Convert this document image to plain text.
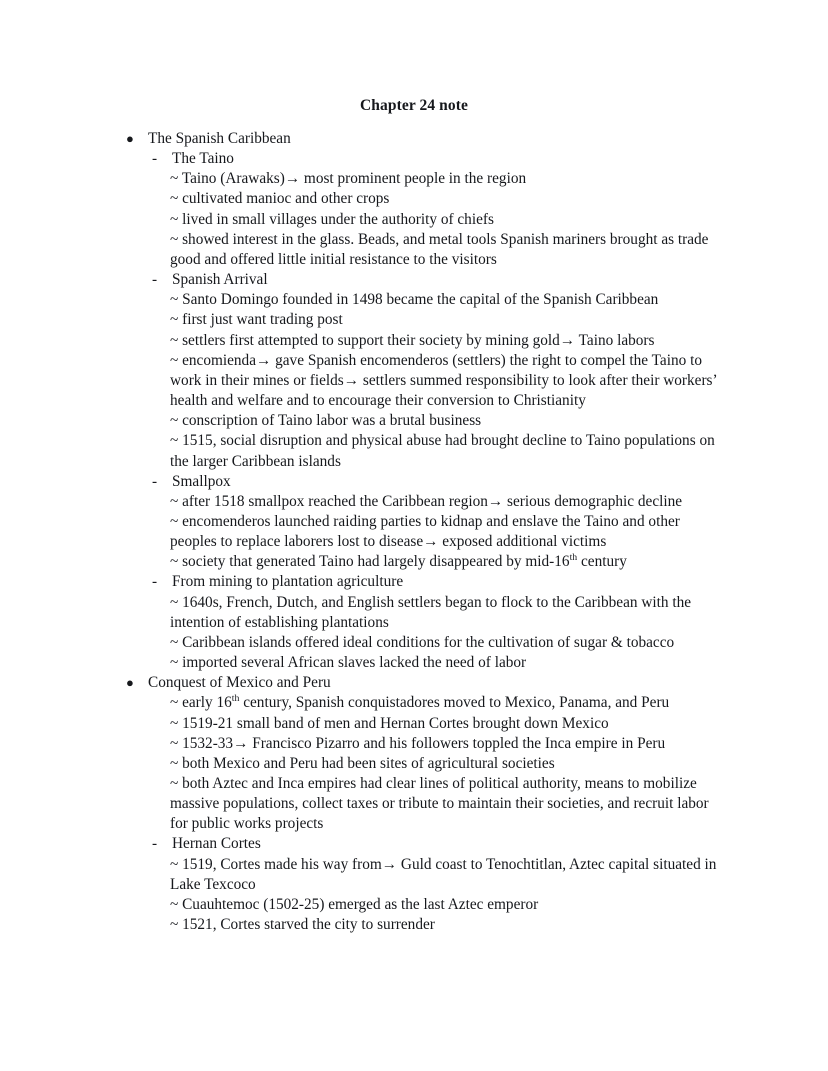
Chapter 24 note
● The Spanish Caribbean
- The Taino
~ Taino (Arawaks)→ most prominent people in the region
~ cultivated manioc and other crops
~ lived in small villages under the authority of chiefs
~ showed interest in the glass. Beads, and metal tools Spanish mariners brought as trade good and offered little initial resistance to the visitors
- Spanish Arrival
~ Santo Domingo founded in 1498 became the capital of the Spanish Caribbean
~ first just want trading post
~ settlers first attempted to support their society by mining gold→ Taino labors
~ encomienda→ gave Spanish encomenderos (settlers) the right to compel the Taino to work in their mines or fields→ settlers summed responsibility to look after their workers’ health and welfare and to encourage their conversion to Christianity
~ conscription of Taino labor was a brutal business
~ 1515, social disruption and physical abuse had brought decline to Taino populations on the larger Caribbean islands
- Smallpox
~ after 1518 smallpox reached the Caribbean region→ serious demographic decline
~ encomenderos launched raiding parties to kidnap and enslave the Taino and other peoples to replace laborers lost to disease→ exposed additional victims
~ society that generated Taino had largely disappeared by mid-16th century
- From mining to plantation agriculture
~ 1640s, French, Dutch, and English settlers began to flock to the Caribbean with the intention of establishing plantations
~ Caribbean islands offered ideal conditions for the cultivation of sugar & tobacco
~ imported several African slaves lacked the need of labor
● Conquest of Mexico and Peru
~ early 16th century, Spanish conquistadores moved to Mexico, Panama, and Peru
~ 1519-21 small band of men and Hernan Cortes brought down Mexico
~ 1532-33→ Francisco Pizarro and his followers toppled the Inca empire in Peru
~ both Mexico and Peru had been sites of agricultural societies
~ both Aztec and Inca empires had clear lines of political authority, means to mobilize massive populations, collect taxes or tribute to maintain their societies, and recruit labor for public works projects
- Hernan Cortes
~ 1519, Cortes made his way from→ Guld coast to Tenochtitlan, Aztec capital situated in Lake Texcoco
~ Cuauhtemoc (1502-25) emerged as the last Aztec emperor
~ 1521, Cortes starved the city to surrender
